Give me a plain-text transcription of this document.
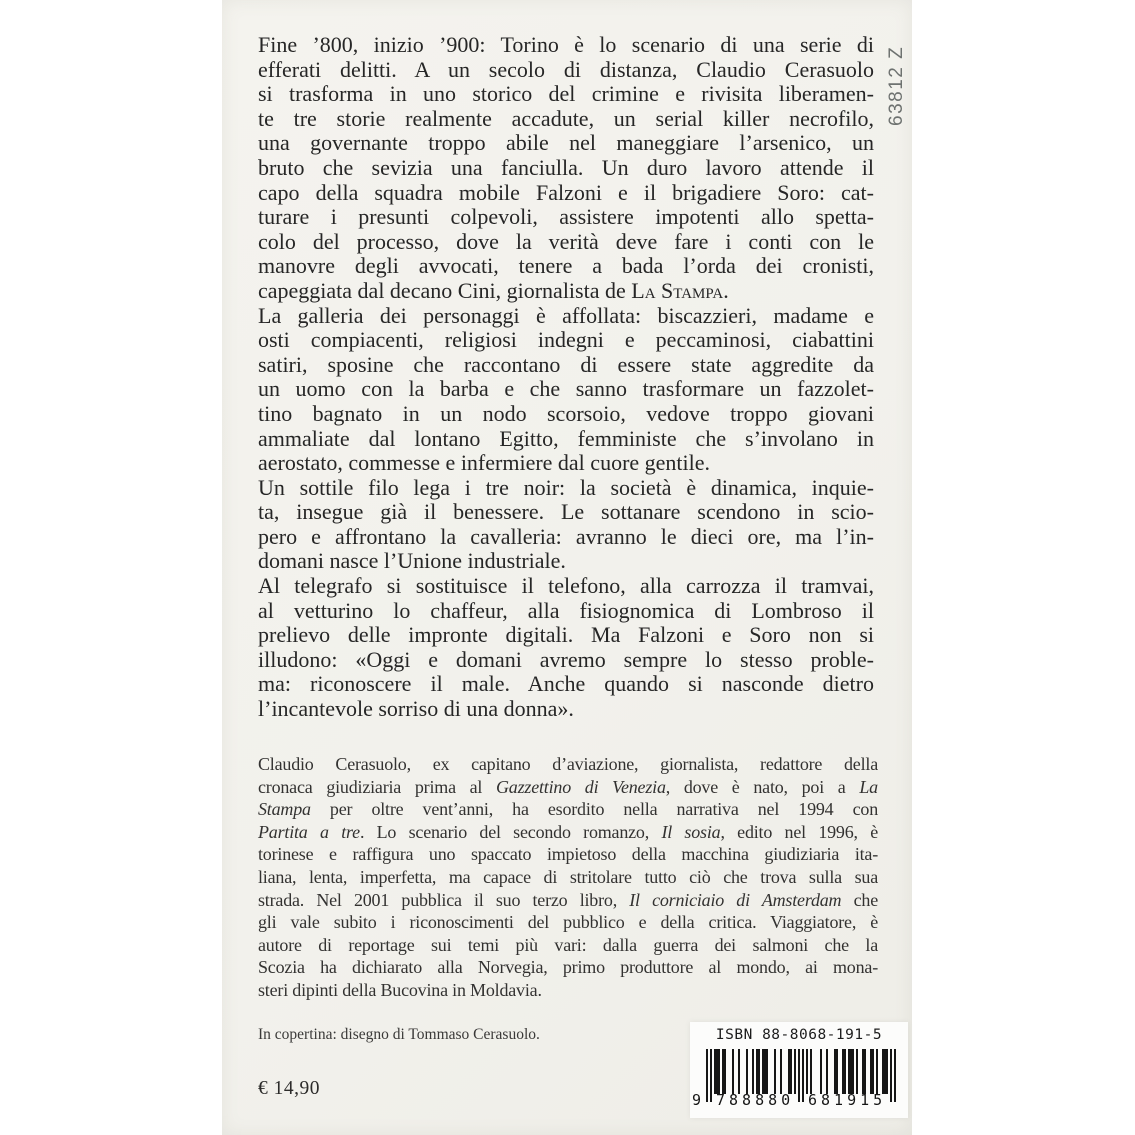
Fine ’800, inizio ’900: Torino è lo scenario di una serie di
efferati delitti. A un secolo di distanza, Claudio Cerasuolo
si trasforma in uno storico del crimine e rivisita liberamen-
te tre storie realmente accadute, un serial killer necrofilo,
una governante troppo abile nel maneggiare l’arsenico, un
bruto che sevizia una fanciulla. Un duro lavoro attende il
capo della squadra mobile Falzoni e il brigadiere Soro: cat-
turare i presunti colpevoli, assistere impotenti allo spetta-
colo del processo, dove la verità deve fare i conti con le
manovre degli avvocati, tenere a bada l’orda dei cronisti,
capeggiata dal decano Cini, giornalista de La Stampa.
La galleria dei personaggi è affollata: biscazzieri, madame e
osti compiacenti, religiosi indegni e peccaminosi, ciabattini
satiri, sposine che raccontano di essere state aggredite da
un uomo con la barba e che sanno trasformare un fazzolet-
tino bagnato in un nodo scorsoio, vedove troppo giovani
ammaliate dal lontano Egitto, femministe che s’involano in
aerostato, commesse e infermiere dal cuore gentile.
Un sottile filo lega i tre noir: la società è dinamica, inquie-
ta, insegue già il benessere. Le sottanare scendono in scio-
pero e affrontano la cavalleria: avranno le dieci ore, ma l’in-
domani nasce l’Unione industriale.
Al telegrafo si sostituisce il telefono, alla carrozza il tramvai,
al vetturino lo chaffeur, alla fisiognomica di Lombroso il
prelievo delle impronte digitali. Ma Falzoni e Soro non si
illudono: «Oggi e domani avremo sempre lo stesso proble-
ma: riconoscere il male. Anche quando si nasconde dietro
l’incantevole sorriso di una donna».
63812 Z
Claudio Cerasuolo, ex capitano d’aviazione, giornalista, redattore della
cronaca giudiziaria prima al Gazzettino di Venezia, dove è nato, poi a La
Stampa per oltre vent’anni, ha esordito nella narrativa nel 1994 con
Partita a tre. Lo scenario del secondo romanzo, Il sosia, edito nel 1996, è
torinese e raffigura uno spaccato impietoso della macchina giudiziaria ita-
liana, lenta, imperfetta, ma capace di stritolare tutto ciò che trova sulla sua
strada. Nel 2001 pubblica il suo terzo libro, Il corniciaio di Amsterdam che
gli vale subito i riconoscimenti del pubblico e della critica. Viaggiatore, è
autore di reportage sui temi più vari: dalla guerra dei salmoni che la
Scozia ha dichiarato alla Norvegia, primo produttore al mondo, ai mona-
steri dipinti della Bucovina in Moldavia.
In copertina: disegno di Tommaso Cerasuolo.
€ 14,90
ISBN 88-8068-191-5
9 788880 681915
